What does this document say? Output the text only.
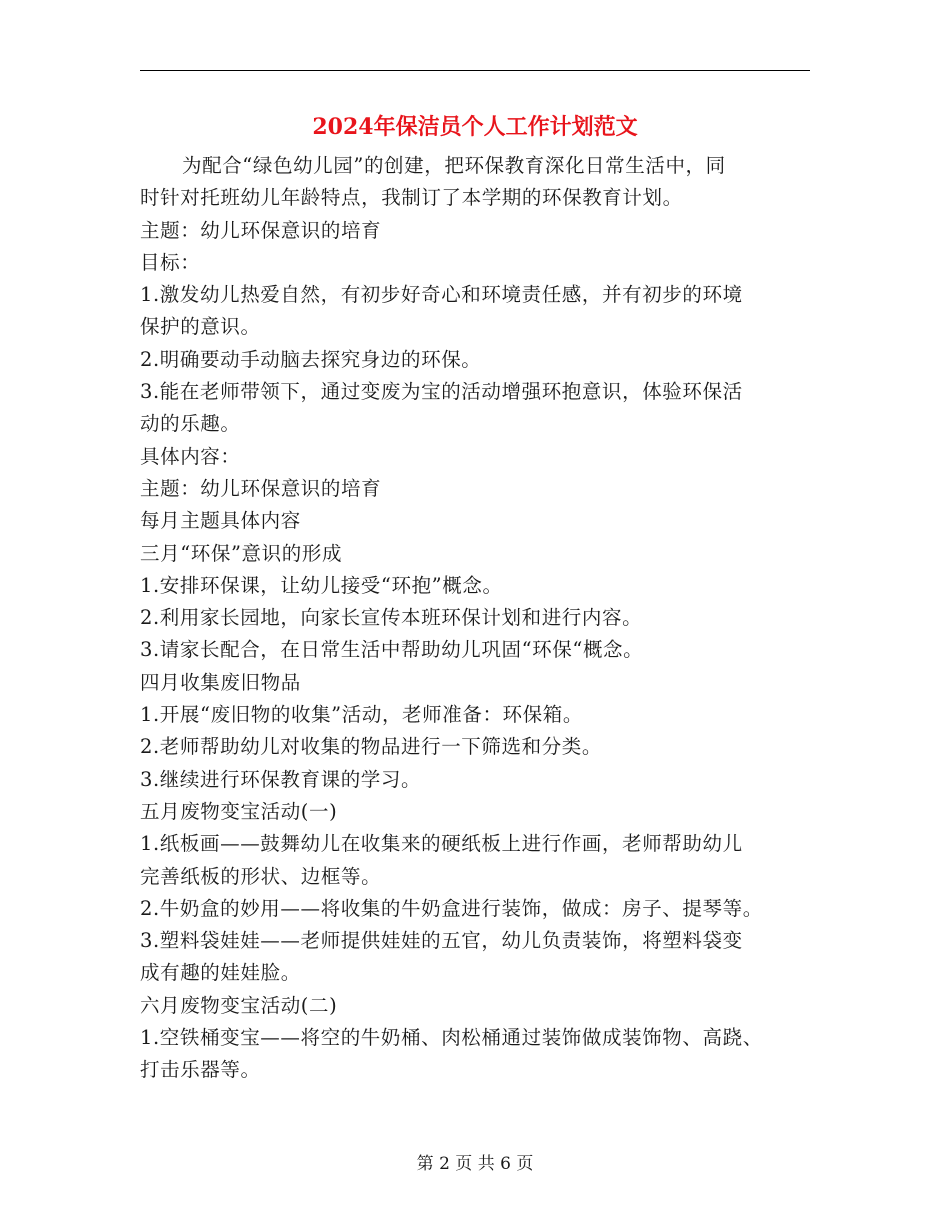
2024年保洁员个人工作计划范文
为配合“绿色幼儿园”的创建，把环保教育深化日常生活中，同
时针对托班幼儿年龄特点，我制订了本学期的环保教育计划。
主题：幼儿环保意识的培育
目标：
1.激发幼儿热爱自然，有初步好奇心和环境责任感，并有初步的环境
保护的意识。
2.明确要动手动脑去探究身边的环保。
3.能在老师带领下，通过变废为宝的活动增强环抱意识，体验环保活
动的乐趣。
具体内容：
主题：幼儿环保意识的培育
每月主题具体内容
三月“环保”意识的形成
1.安排环保课，让幼儿接受“环抱”概念。
2.利用家长园地，向家长宣传本班环保计划和进行内容。
3.请家长配合，在日常生活中帮助幼儿巩固“环保“概念。
四月收集废旧物品
1.开展“废旧物的收集”活动，老师准备：环保箱。
2.老师帮助幼儿对收集的物品进行一下筛选和分类。
3.继续进行环保教育课的学习。
五月废物变宝活动(一)
1.纸板画——鼓舞幼儿在收集来的硬纸板上进行作画，老师帮助幼儿
完善纸板的形状、边框等。
2.牛奶盒的妙用——将收集的牛奶盒进行装饰，做成：房子、提琴等。
3.塑料袋娃娃——老师提供娃娃的五官，幼儿负责装饰，将塑料袋变
成有趣的娃娃脸。
六月废物变宝活动(二)
1.空铁桶变宝——将空的牛奶桶、肉松桶通过装饰做成装饰物、高跷、
打击乐器等。
第 2 页 共 6 页
